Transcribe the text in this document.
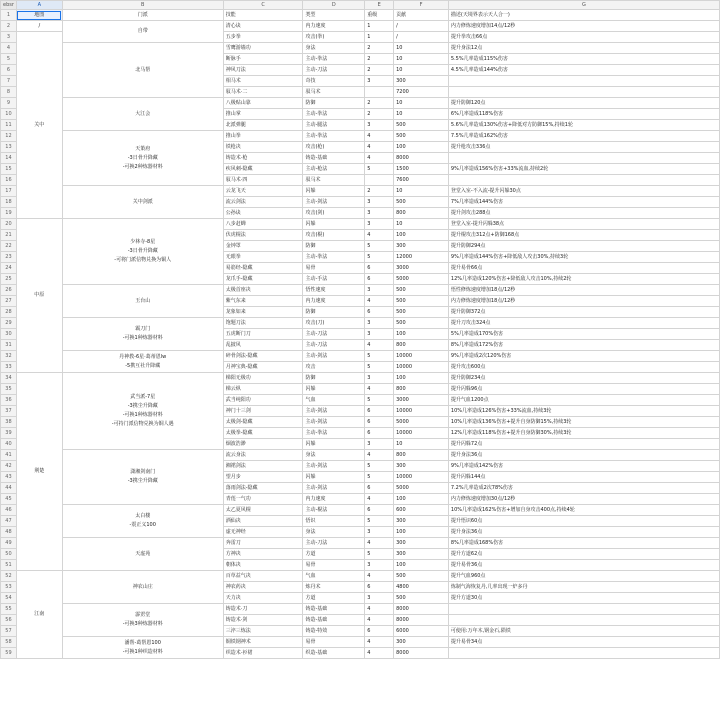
ebsr	A	B	C	D	E	F	G
1	地图	门派	技能	类型	重级	贡献	描述(天境界表示天人合一)
2	/	自带	清心诀	内力速度	1	/	内力修炼速度增加14点/12秒
3	关中		五步拳	攻击(拳)	1	/	提升拳攻击66点
4		北马帮	雪鹰游墙功	身法	2	10	提升身法12点
5			断脉手	主动-拳法	2	10	5.5%几率造成115%伤害
6			神风刀法	主动-刀法	2	10	4.5%几率造成144%伤害
7			相马术	奇技	3	300	
8			驭马术·二	驭马术		7200	
9		大江会	八极贴山靠	防御	2	10	提升防御120点
10			推山掌	主动-拳法	2	10	6%几率造成118%伤害
11			北派弹腿	主动-腿法	3	500	5.6%几率造成130%伤害+降低对方防御15%,持续1轮
12		天策府
-3日骨升降藏
-可换2种炼器材料	推山拳	主动-拳法	4	500	7.5%几率造成162%伤害
13			铁枪决	攻击(枪)	4	100	提升枪攻击336点
14			铸造术·枪	铸造-基础	4	8000	
15			疾风刺-隐藏	主动-枪法	5	1500	9%几率造成156%伤害+33%流血,持续2轮
16			驭马术·四	驭马术		7600	
17		关中剑派	云龙飞天	闪躲	2	10	登堂入室-不入流-提升闪躲30点
18			流云剑法	主动-剑法	3	500	7%几率造成144%伤害
19			公孙诀	攻击(剑)	3	800	提升剑攻击288点
20	中原	少林寺-8星
-3日骨升降藏
-可将门派信物兑换为铜人	八步赶蝉	闪躲	3	10	登堂入室-提升闪躲38点
21			伏虎棍法	攻击(棍)	4	100	提升棍攻击312点+防御168点
22			金钟罩	防御	5	300	提升防御294点
23			无眼拳	主动-拳法	5	12000	9%几率造成144%伤害+降低敌人攻击30%,持续3轮
24			易筋经-隐藏	易骨	6	3000	提升易骨66点
25			龙爪手-隐藏	主动-手法	6	5000	12%几率造成120%伤害+降低敌人攻击10%,持续2轮
26		玉台山	太极首座决	悟性速度	3	500	悟性修炼速度增加18点/12秒
27			紫气东来	内力速度	4	500	内力修炼速度增加18点/12秒
28			龙象如来	防御	6	500	提升防御372点
29		霸刀门
-可换1种炼器材料	饱题刀法	攻击(刀)	3	500	提升刀攻击324点
30			五虎断门刀	主动-刀法	3	100	5%几率造成170%伤害
31			乱披风	主动-刀法	4	800	8%几率造成172%伤害
32		丹神教-6星·葛蒂恩lw
-5携互社升降藏	碎骨剑法-隐藏	主动-剑法	5	10000	9%几率造成2次120%伤害
33			月神宝典-隐藏	攻击	5	10000	提升攻击600点
34	荆楚	武当派-7星
-3携尘升降藏
-可换1种炼器材料
-可持门派信物兑换为铜人遇	梯阳无极功	防御	3	100	提升防御234点
35			梯云纵	闪躲	4	800	提升闪躲96点
36			武当纯阳功	气血	5	3000	提升气血1200点
37			神门十三剑	主动-剑法	6	10000	10%几率造成126%伤害+33%流血,持续3轮
38			太极剑-隐藏	主动-剑法	6	5000	10%几率造成136%伤害+提升自身防御15%,持续3轮
39			太极拳-隐藏	主动-拳法	6	10000	12%几率造成118%伤害+提升自身防御30%,持续3轮
40			烟波浩渺	闪躲	3	10	提升闪躲72点
41		潇湘剑南门
-3携尘升降藏	流云身法	身法	4	800	提升身法36点
42			湘裙剑法	主动-剑法	5	300	9%几率造成142%伤害
43			望月步	闪躲	5	10000	提升闪躲144点
44			落雨剑法-隐藏	主动-剑法	6	5000	7.2%几率造成2次78%伤害
45			青莲一气功	内力速度	4	100	内力修炼速度增加30点/12秒
46		太白楼
-震正义100	太乙夏风棍	主动-棍法	6	600	10%几率造成162%伤害+增加自身攻击400点,持续4轮
47			酒仙决	悟识	5	300	提升悟识60点
48			虚无神经	身法	3	100	提升身法36点
49		天虚苑	奔雷刀	主动-刀法	4	300	8%几率造成168%伤害
50			方神决	方道	5	300	提升方道62点
51			朝体决	易骨	3	100	提升易骨36点
52	江南	神农山庄	百草益气决	气血	4	500	提升气血960点
53			神农药决	炼丹术	6	4800	炼制气海恢复丹,几率出现一炉多丹
54			天力决	方道	3	500	提升方道30点
55		霹雳堂
-可换3种炼器材料	铸造术·刀	铸造-基础	4	8000	
56			铸造术·剑	铸造-基础	4	8000	
57			三淬三炼法	铸造-特效	6	6000	可使用:万年木,钢金石,陨铁
58		潘帮-葛帮恩100
-可换1种织造材料	铜铁钢神术	易骨	4	300	提升易骨34点
59			织造术·衫裙	织造-基础	4	8000	
